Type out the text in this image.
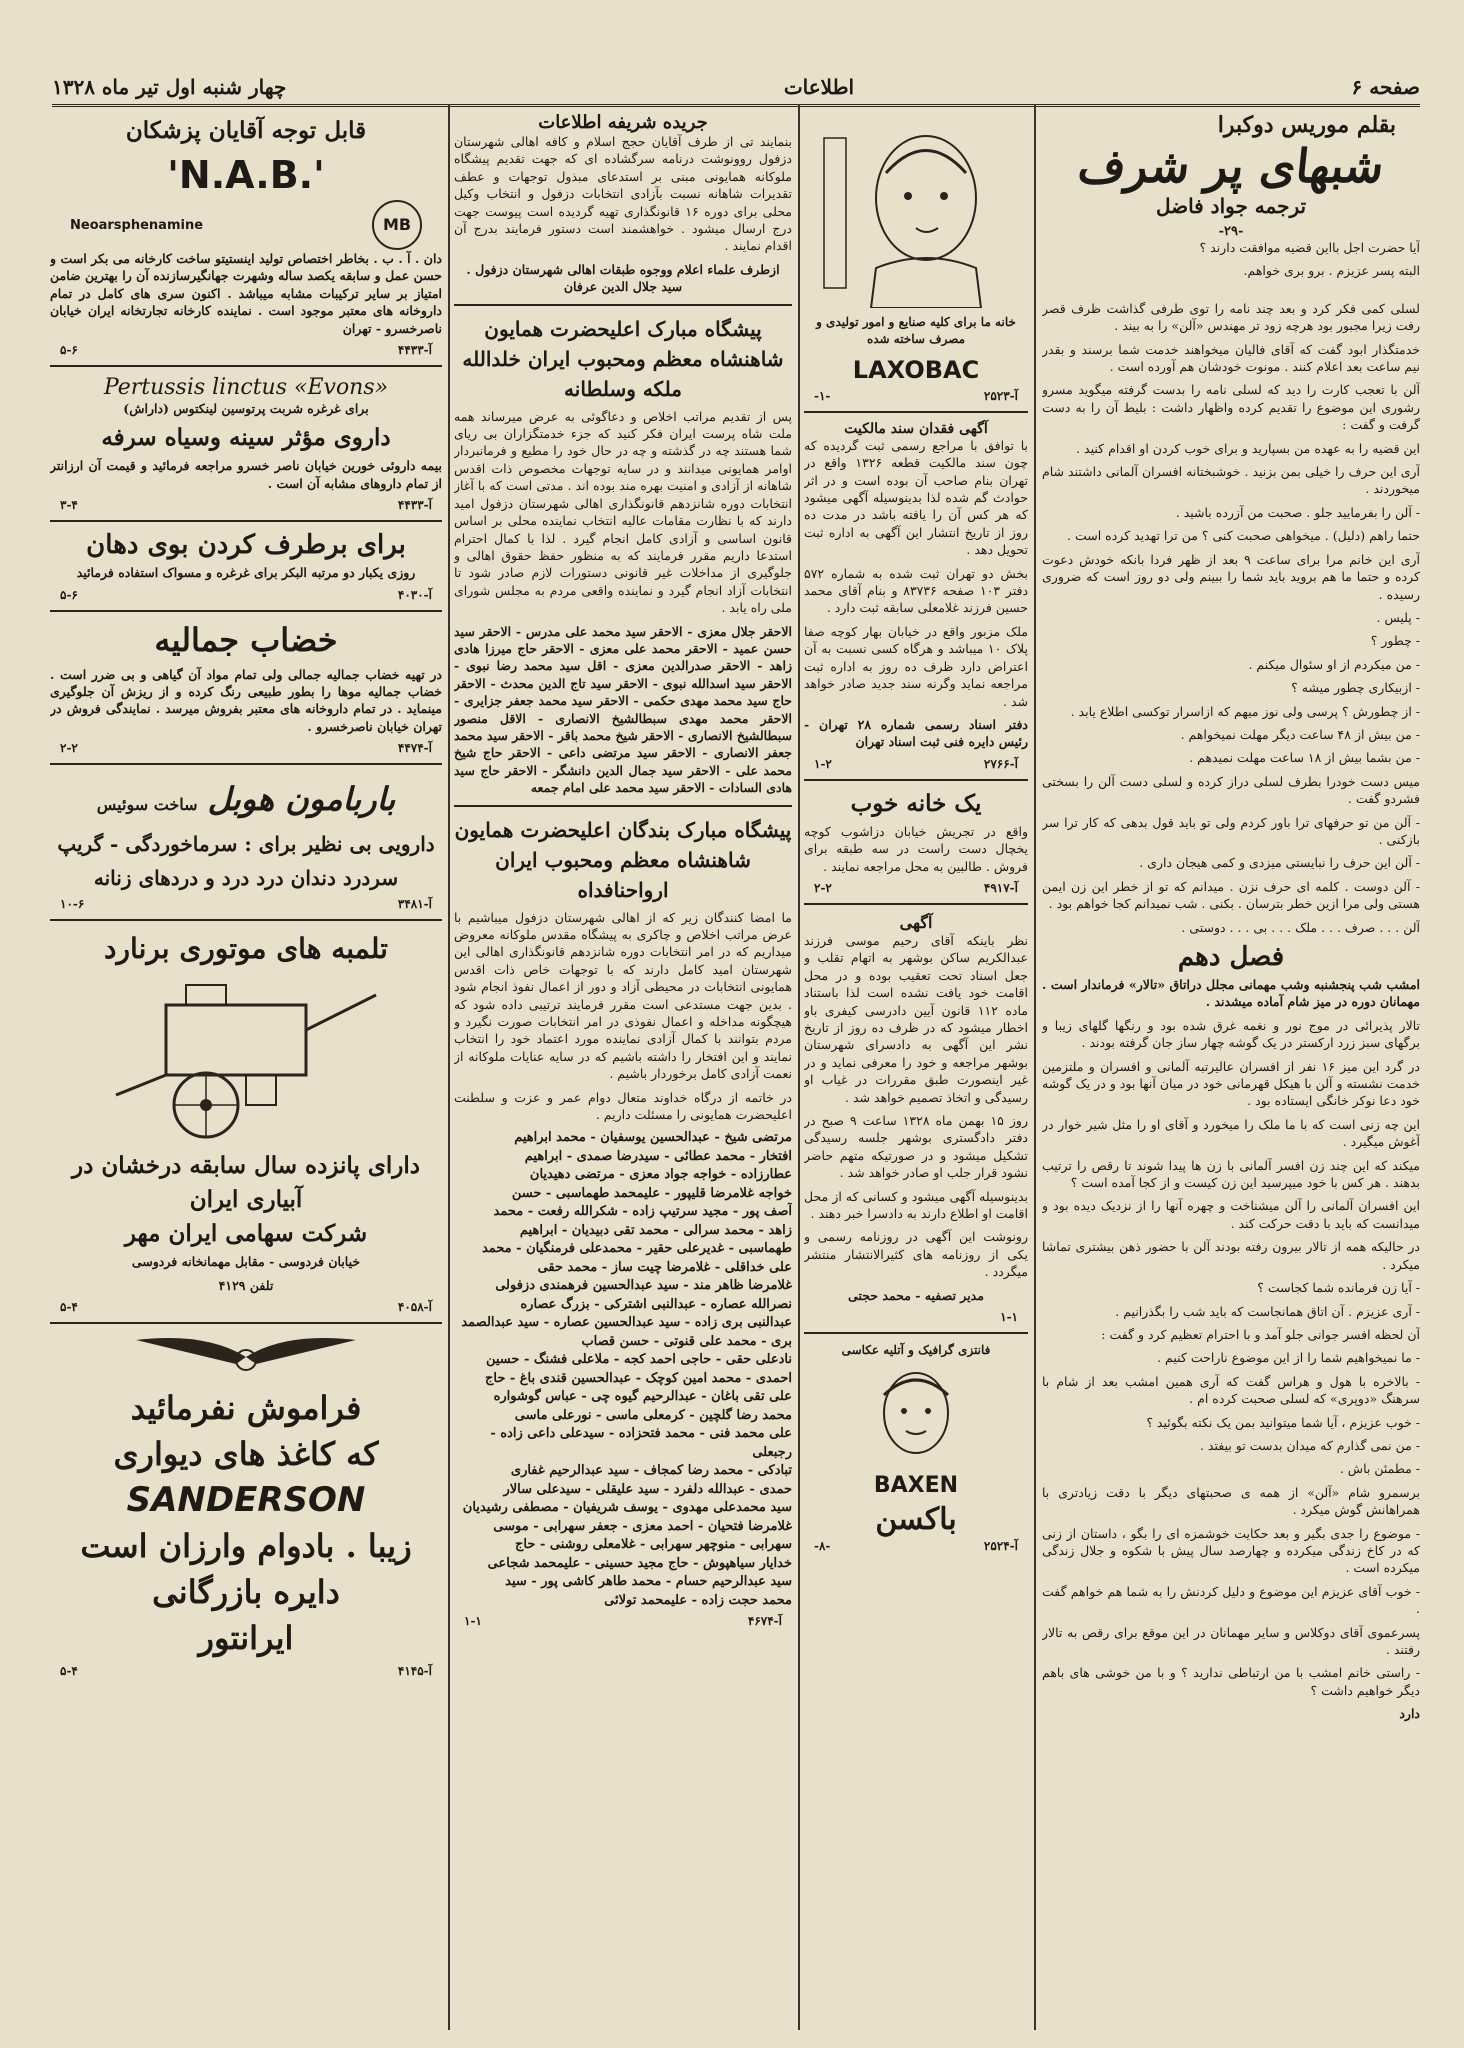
صفحه ۶
اطلاعات
چهار شنبه اول تیر ماه ۱۳۲۸
بقلم موریس دوکبرا
شبهای پر شرف
ترجمه جواد فاضل
-۲۹-

آیا حضرت اجل بااین قضیه موافقت دارند ؟

البته پسر عزیزم . برو بری خواهم.

لسلی کمی فکر کرد و بعد چند نامه را توی طرفی گذاشت ظرف قصر رفت زیرا مجبور بود هرچه زود تر مهندس «آلن» را به بیند .

خدمتگذار ابود گفت که آقای فالیان میخواهند خدمت شما برسند و بقدر نیم ساعت بعد اعلام کنند . مونوت خودشان هم آورده است .

آلن با تعجب کارت را دید که لسلی نامه را بدست گرفته میگوید مسرو رشوری این موضوع را تقدیم کرده واظهار داشت : بلیط آن را به دست گرفت و گفت :

این قضیه را به عهده من بسپارید و برای خوب کردن او اقدام کنید .

آری این حرف را خیلی بمن بزنید . خوشبختانه افسران آلمانی داشتند شام میخوردند .

- آلن را بفرمایید جلو . صحبت من آزرده باشید .

حتما راهم (دلیل) . میخواهی صحبت کنی ؟ من ترا تهدید کرده است .

آری این خانم مرا برای ساعت ۹ بعد از ظهر فردا بانکه خودش دعوت کرده و حتما ما هم بروید باید شما را ببینم ولی دو روز است که ضروری رسیده .

- پلیس .

- چطور ؟

- من میکردم از او سئوال میکنم .

- ازبیکاری چطور میشه ؟

- از چطورش ؟ پرسی ولی نوز میهم که ازاسرار توکسی اطلاع یابد .

- من بیش از ۴۸ ساعت دیگر مهلت نمیخواهم .

- من بشما بیش از ۱۸ ساعت مهلت نمیدهم .

میس دست خودرا بطرف لسلی دراز کرده و لسلی دست آلن را بسختی فشردو گفت .

- آلن من تو حرفهای ترا باور کردم ولی تو باید قول بدهی که کار ترا سر بازکنی .

- آلن این حرف را نبایستی میزدی و کمی هیجان داری .

- آلن دوست . کلمه ای حرف نزن . میدانم که تو از خطر این زن ایمن هستی ولی مرا ازین خطر بترسان . بکنی . شب نمیدانم کجا خواهم بود .

آلن . . . صرف . . . ملک . . . بی . . . دوستی .

فصل دهم

امشب شب پنجشنبه وشب مهمانی مجلل دراتاق «تالار» فرماندار است . مهمانان دوره در میز شام آماده میشدند .

تالار پذیرائی در موج نور و نغمه غرق شده بود و رنگها گلهای زیبا و برگهای سبز زرد ارکستر در یک گوشه چهار ساز جان گرفته بودند .

در گرد این میز ۱۶ نفر از افسران عالیرتبه آلمانی و افسران و ملتزمین خدمت نشسته و آلن با هیکل قهرمانی خود در میان آنها بود و در یک گوشه خود دعا نوکر خانگی ایستاده بود .

این چه زنی است که با ما ملک را میخورد و آقای او را مثل شیر خوار در آغوش میگیرد .

میکند که این چند زن افسر آلمانی با زن ها پیدا شوند تا رقص را ترتیب بدهند . هر کس با خود میپرسید این زن کیست و از کجا آمده است ؟

این افسران آلمانی را آلن میشناخت و چهره آنها را از نزدیک دیده بود و میدانست که باید با دقت حرکت کند .

در حالیکه همه از تالار بیرون رفته بودند آلن با حضور ذهن بیشتری تماشا میکرد .

- آیا زن فرمانده شما کجاست ؟

- آری عزیزم . آن اتاق همانجاست که باید شب را بگذرانیم .

آن لحظه افسر جوانی جلو آمد و با احترام تعظیم کرد و گفت :

- ما نمیخواهیم شما را از این موضوع ناراحت کنیم .

- بالاخره با هول و هراس گفت که آری همین امشب بعد از شام با سرهنگ «دوپری» که لسلی صحبت کرده ام .

- خوب عزیزم ، آیا شما میتوانید بمن یک نکته بگوئید ؟

- من نمی گذارم که میدان بدست تو بیفتد .

- مطمئن باش .

برسمرو شام «آلن» از همه ی صحبتهای دیگر با دقت زیادتری با همراهانش گوش میکرد .

- موضوع را جدی بگیر و بعد حکایت خوشمزه ای را بگو ، داستان از زنی که در کاخ زندگی میکرده و چهارصد سال پیش با شکوه و جلال زندگی میکرده است .

- خوب آقای عزیزم این موضوع و دلیل کردنش را به شما هم خواهم گفت .

پسرعموی آقای دوکلاس و سایر مهمانان در این موقع برای رقص به تالار رفتند .

- راستی خانم امشب با من ارتباطی ندارید ؟ و با من خوشی های باهم دیگر خواهیم داشت ؟

دارد

خانه ما برای کلیه صنایع و امور تولیدی و مصرف ساخته شده

LAXOBAC
-۱-	۲۵۲۳-آ
آگهی فقدان سند مالکیت

با توافق با مراجع رسمی ثبت گردیده که چون سند مالکیت قطعه ۱۳۲۶ واقع در تهران بنام صاحب آن بوده است و در اثر حوادث گم شده لذا بدینوسیله آگهی میشود که هر کس آن را یافته باشد در مدت ده روز از تاریخ انتشار این آگهی به اداره ثبت تحویل دهد .

بخش دو تهران ثبت شده به شماره ۵۷۲ دفتر ۱۰۳ صفحه ۸۳۷۳۶ و بنام آقای محمد حسین فرزند غلامعلی سابقه ثبت دارد .

ملک مزبور واقع در خیابان بهار کوچه صفا پلاک ۱۰ میباشد و هرگاه کسی نسبت به آن اعتراض دارد ظرف ده روز به اداره ثبت مراجعه نماید وگرنه سند جدید صادر خواهد شد .

دفتر اسناد رسمی شماره ۲۸ تهران - رئیس دایره فنی ثبت اسناد تهران

۱-۲	۲۷۶۶-آ
یک خانه خوب

واقع در تجریش خیابان دزاشوب کوچه یخچال دست راست در سه طبقه برای فروش . طالبین به محل مراجعه نمایند .

۲-۲	۴۹۱۷-آ
آگهی

نظر باینکه آقای رحیم موسی فرزند عبدالکریم ساکن بوشهر به اتهام تقلب و جعل اسناد تحت تعقیب بوده و در محل اقامت خود یافت نشده است لذا باستناد ماده ۱۱۲ قانون آیین دادرسی کیفری باو اخطار میشود که در ظرف ده روز از تاریخ نشر این آگهی به دادسرای شهرستان بوشهر مراجعه و خود را معرفی نماید و در غیر اینصورت طبق مقررات در غیاب او رسیدگی و اتخاذ تصمیم خواهد شد .

روز ۱۵ بهمن ماه ۱۳۲۸ ساعت ۹ صبح در دفتر دادگستری بوشهر جلسه رسیدگی تشکیل میشود و در صورتیکه متهم حاضر نشود قرار جلب او صادر خواهد شد .

بدینوسیله آگهی میشود و کسانی که از محل اقامت او اطلاع دارند به دادسرا خبر دهند .

رونوشت این آگهی در روزنامه رسمی و یکی از روزنامه های کثیرالانتشار منتشر میگردد .

مدیر تصفیه - محمد حجتی

۱-۱

فانتزی گرافیک و آتلیه عکاسی

BAXEN
باکسن
-۸-	۲۵۲۴-آ
جریده شریفه اطلاعات

بنمایند تی از طرف آقایان حجج اسلام و کافه اهالی شهرستان دزفول روونوشت درنامه سرگشاده ای که جهت تقدیم پیشگاه ملوکانه همایونی مبنی بر استدعای مبذول توجهات و عطف تقدیرات شاهانه نسبت بآزادی انتخابات دزفول و انتخاب وکیل محلی برای دوره ۱۶ قانونگذاری تهیه گردیده است پیوست جهت درج ارسال میشود . خواهشمند است دستور فرمایند بدرج آن اقدام نمایند .

ازطرف علماء اعلام ووجوه طبقات اهالی شهرستان دزفول . سید جلال الدین عرفان

پیشگاه مبارک اعلیحضرت همایون شاهنشاه معظم ومحبوب ایران خلدالله ملکه وسلطانه

پس از تقدیم مراتب اخلاص و دعاگوئی به عرض میرساند همه ملت شاه پرست ایران فکر کنید که جزء خدمتگزاران بی ریای شما هستند چه در گذشته و چه در حال خود را مطیع و فرمانبردار اوامر همایونی میدانند و در سایه توجهات مخصوص ذات اقدس شاهانه از آزادی و امنیت بهره مند بوده اند . مدتی است که با آغاز انتخابات دوره شانزدهم قانونگذاری اهالی شهرستان دزفول امید دارند که با نظارت مقامات عالیه انتخاب نماینده محلی بر اساس قانون اساسی و آزادی کامل انجام گیرد . لذا با کمال احترام استدعا داریم مقرر فرمایند که به منظور حفظ حقوق اهالی و جلوگیری از مداخلات غیر قانونی دستورات لازم صادر شود تا انتخابات آزاد انجام گیرد و نماینده واقعی مردم به مجلس شورای ملی راه یابد .

الاحقر جلال معزی - الاحقر سید محمد علی مدرس - الاحقر سید حسن عمید - الاحقر محمد علی معزی - الاحقر حاج میرزا هادی زاهد - الاحقر صدرالدین معزی - اقل سید محمد رضا نبوی - الاحقر سید اسدالله نبوی - الاحقر سید تاج الدین محدث - الاحقر حاج سید محمد مهدی حکمی - الاحقر سید محمد جعفر جزایری - الاحقر محمد مهدی سبطالشیخ الانصاری - الاقل منصور سبطالشیخ الانصاری - الاحقر شیخ محمد باقر - الاحقر سید محمد جعفر الانصاری - الاحقر سید مرتضی داعی - الاحقر حاج شیخ محمد علی - الاحقر سید جمال الدین دانشگر - الاحقر حاج سید هادی السادات - الاحقر سید محمد علی امام جمعه

پیشگاه مبارک بندگان اعلیحضرت همایون شاهنشاه معظم ومحبوب ایران ارواحنافداه

ما امضا کنندگان زیر که از اهالی شهرستان دزفول میباشیم با عرض مراتب اخلاص و چاکری به پیشگاه مقدس ملوکانه معروض میداریم که در امر انتخابات دوره شانزدهم قانونگذاری اهالی این شهرستان امید کامل دارند که با توجهات خاص ذات اقدس همایونی انتخابات در محیطی آزاد و دور از اعمال نفوذ انجام شود . بدین جهت مستدعی است مقرر فرمایند ترتیبی داده شود که هیچگونه مداخله و اعمال نفوذی در امر انتخابات صورت نگیرد و مردم بتوانند با کمال آزادی نماینده مورد اعتماد خود را انتخاب نمایند و این افتخار را داشته باشیم که در سایه عنایات ملوکانه از نعمت آزادی کامل برخوردار باشیم .

در خاتمه از درگاه خداوند متعال دوام عمر و عزت و سلطنت اعلیحضرت همایونی را مسئلت داریم .

مرتضی شیخ - عبدالحسین یوسفیان - محمد ابراهیم
افتخار - محمد عطائی - سیدرضا صمدی - ابراهیم
عطارزاده - خواجه جواد معزی - مرتضی دهیدیان
خواجه غلامرضا قلیپور - علیمحمد طهماسبی - حسن
آصف پور - مجید سرتیپ زاده - شکرالله رفعت - محمد
زاهد - محمد سرالی - محمد تقی دبیدیان - ابراهیم
طهماسبی - غدیرعلی حقیر - محمدعلی فرمنگیان - محمد
علی خداقلی - غلامرضا چیت ساز - محمد حقی
غلامرضا ظاهر مند - سید عبدالحسین فرهمندی دزفولی
نصرالله عصاره - عبدالنبی اشترکی - بزرگ عصاره
عبدالنبی بری زاده - سید عبدالحسین عصاره - سید عبدالصمد
بری - محمد علی قنوتی - حسن قصاب
نادعلی حقی - حاجی احمد کجه - ملاعلی فشنگ - حسین
احمدی - محمد امین کوچک - عبدالحسین قندی باغ - حاج
علی تقی باغان - عبدالرحیم گیوه چی - عباس گوشواره
محمد رضا گلچین - کرمعلی ماسی - نورعلی ماسی
علی محمد فنی - محمد فتحزاده - سیدعلی داعی زاده - رجبعلی
تبادکی - محمد رضا کمجاف - سید عبدالرحیم غفاری
حمدی - عبدالله دلفرد - سید علیقلی - سیدعلی سالار
سید محمدعلی مهدوی - یوسف شریفیان - مصطفی رشیدیان
غلامرضا فتحیان - احمد معزی - جعفر سهرابی - موسی
سهرابی - منوچهر سهرابی - غلامعلی روشنی - حاج
خدایار سیاهپوش - حاج مجید حسینی - علیمحمد شجاعی
سید عبدالرحیم حسام - محمد طاهر کاشی پور - سید
محمد حجت زاده - علیمحمد تولائی
۱-۱	۴۶۷۴-آ
قابل توجه آقایان پزشکان
'N.A.B.'
Neoarsphenamine	MB

دان . آ . ب . بخاطر اختصاص تولید اینستیتو ساخت کارخانه می بکر است و حسن عمل و سابقه یکصد ساله وشهرت جهانگیرسازنده آن را بهترین ضامن امتیاز بر سایر ترکیبات مشابه میباشد . اکنون سری های کامل در تمام داروخانه های معتبر موجود است . نماینده کارخانه تجارتخانه ایران خیابان ناصرخسرو - تهران

۵-۶	۴۴۳۳-آ
Pertussis linctus «Evons»

برای غرغره شربت پرتوسین لینکتوس (داراش)

داروی مؤثر سینه وسیاه سرفه

بیمه داروئی خورین خیابان ناصر خسرو مراجعه فرمائید و قیمت آن ارزانتر از تمام داروهای مشابه آن است .

۳-۴	۴۴۳۳-آ
برای برطرف کردن بوی دهان

روزی یکبار دو مرتبه البکر برای غرغره و مسواک استفاده فرمائید

۵-۶	۴۰۳۰-آ
خضاب جمالیه

در تهیه خضاب جمالیه جمالی ولی تمام مواد آن گیاهی و بی ضرر است . خضاب جمالیه موها را بطور طبیعی رنگ کرده و از ریزش آن جلوگیری مینماید . در تمام داروخانه های معتبر بفروش میرسد . نمایندگی فروش در تهران خیابان ناصرخسرو .

۲-۲	۴۴۷۴-آ
باربامون هوبل
ساخت سوئیس
دارویی بی نظیر برای : سرماخوردگی - گریپ
سردرد دندان درد درد و دردهای زنانه
۱۰-۶	۳۴۸۱-آ
تلمبه های موتوری برنارد
دارای پانزده سال سابقه درخشان در
آبیاری ایران
شرکت سهامی ایران مهر

خیابان فردوسی - مقابل مهمانخانه فردوسی

تلفن ۴۱۲۹

۵-۴	۴۰۵۸-آ
فراموش نفرمائید
که کاغذ های دیواری
SANDERSON
زیبا . بادوام وارزان است
دایره بازرگانی
ایرانتور
۵-۴	۴۱۴۵-آ
